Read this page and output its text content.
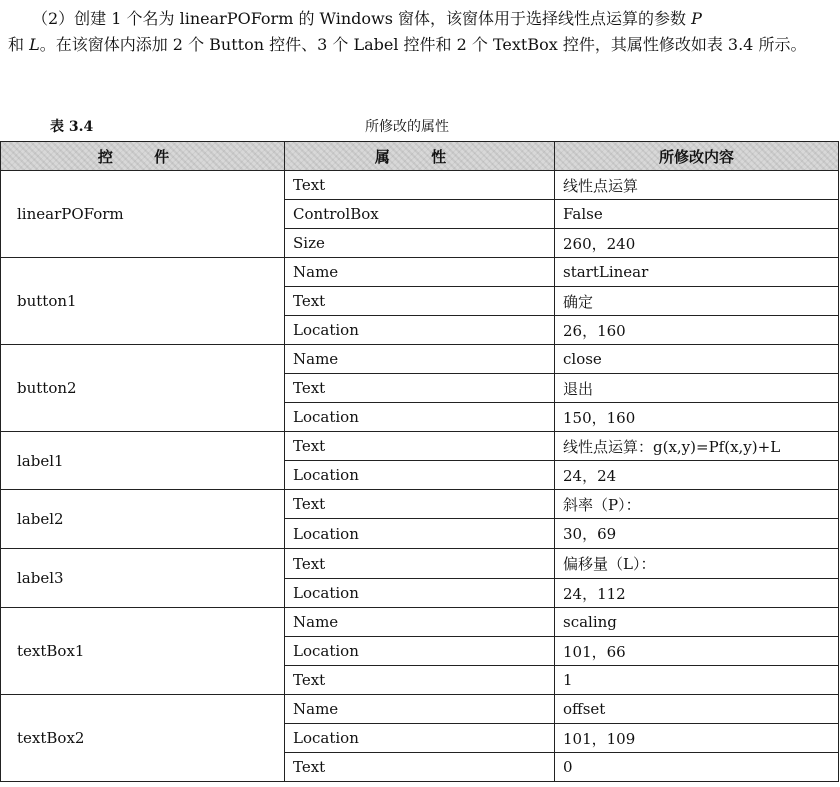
（2）创建 1 个名为 linearPOForm 的 Windows 窗体，该窗体用于选择线性点运算的参数 P

和 L。在该窗体内添加 2 个 Button 控件、3 个 Label 控件和 2 个 TextBox 控件，其属性修改如表 3.4 所示。

表 3.4	所修改的属性
控 件	属 性	所修改内容
linearPOForm	Text	线性点运算
	ControlBox	False
	Size	260，240
button1	Name	startLinear
	Text	确定
	Location	26，160
button2	Name	close
	Text	退出
	Location	150，160
label1	Text	线性点运算：g(x,y)=Pf(x,y)+L
	Location	24，24
label2	Text	斜率（P）：
	Location	30，69
label3	Text	偏移量（L）：
	Location	24，112
textBox1	Name	scaling
	Location	101，66
	Text	1
textBox2	Name	offset
	Location	101，109
	Text	0
